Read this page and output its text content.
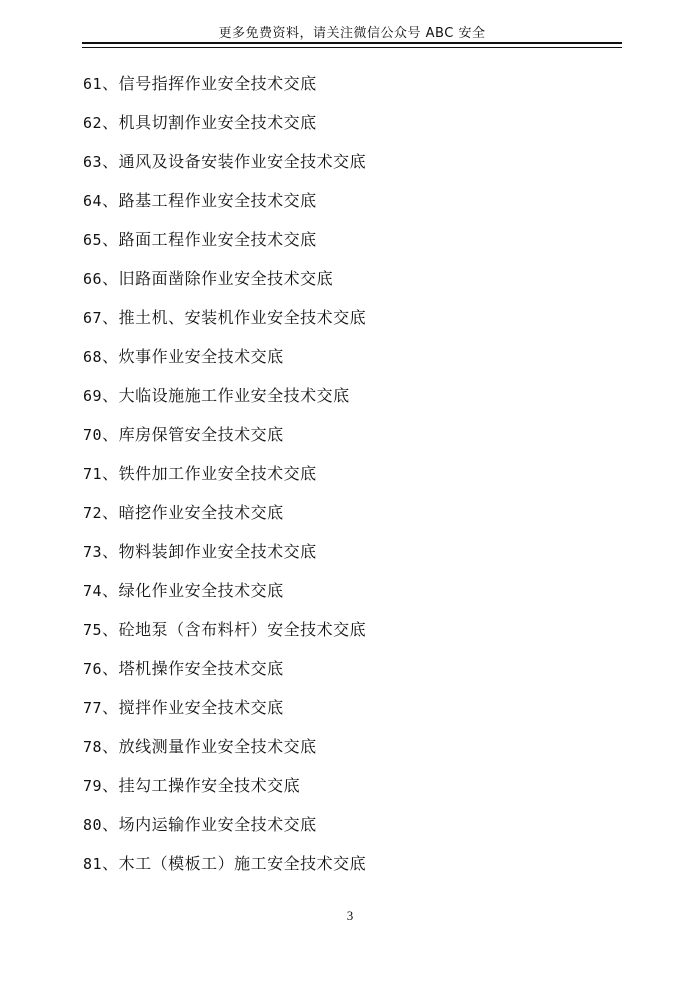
更多免费资料，请关注微信公众号 ABC 安全
61、信号指挥作业安全技术交底
62、机具切割作业安全技术交底
63、通风及设备安装作业安全技术交底
64、路基工程作业安全技术交底
65、路面工程作业安全技术交底
66、旧路面凿除作业安全技术交底
67、推土机、安装机作业安全技术交底
68、炊事作业安全技术交底
69、大临设施施工作业安全技术交底
70、库房保管安全技术交底
71、铁件加工作业安全技术交底
72、暗挖作业安全技术交底
73、物料装卸作业安全技术交底
74、绿化作业安全技术交底
75、砼地泵（含布料杆）安全技术交底
76、塔机操作安全技术交底
77、搅拌作业安全技术交底
78、放线测量作业安全技术交底
79、挂勾工操作安全技术交底
80、场内运输作业安全技术交底
81、木工（模板工）施工安全技术交底
3
